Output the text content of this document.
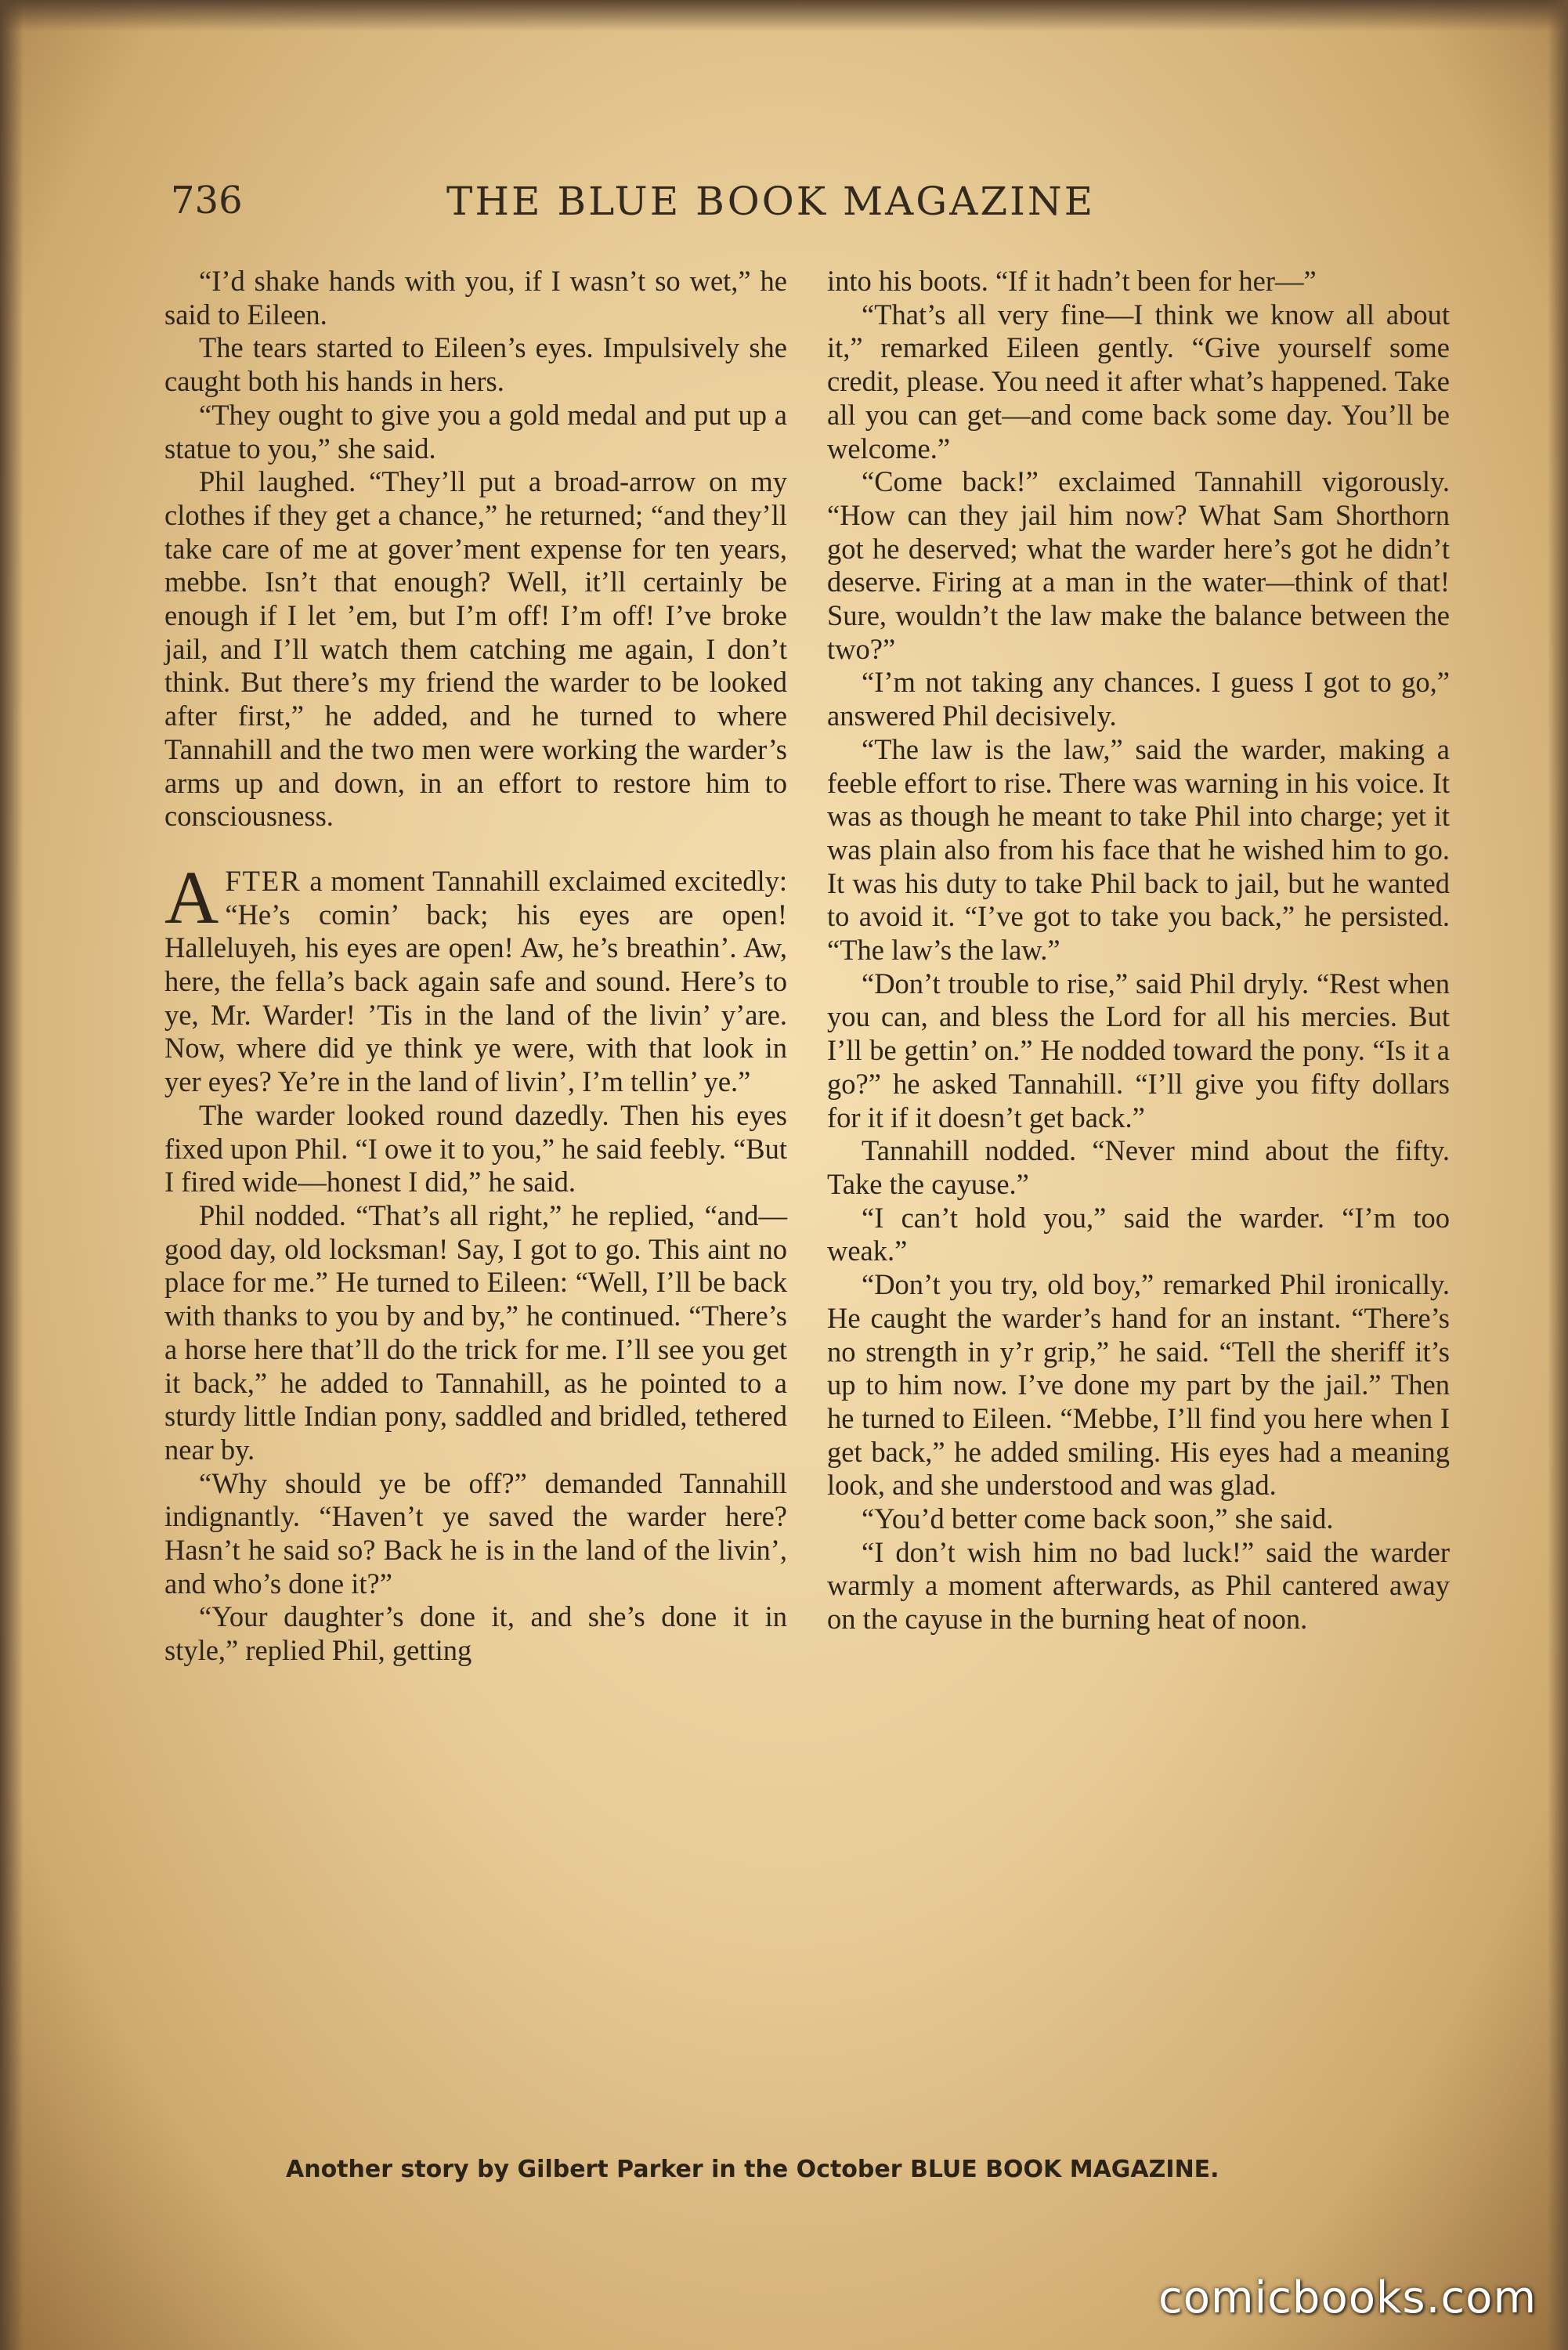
736	THE BLUE BOOK MAGAZINE

“I’d shake hands with you, if I wasn’t so wet,” he said to Eileen.

The tears started to Eileen’s eyes. Impulsively she caught both his hands in hers.

“They ought to give you a gold medal and put up a statue to you,” she said.

Phil laughed. “They’ll put a broad-arrow on my clothes if they get a chance,” he returned; “and they’ll take care of me at gover’ment expense for ten years, mebbe. Isn’t that enough? Well, it’ll certainly be enough if I let ’em, but I’m off! I’m off! I’ve broke jail, and I’ll watch them catching me again, I don’t think. But there’s my friend the warder to be looked after first,” he added, and he turned to where Tannahill and the two men were working the warder’s arms up and down, in an effort to restore him to consciousness.

AFTER a moment Tannahill exclaimed excitedly: “He’s comin’ back; his eyes are open! Halleluyeh, his eyes are open! Aw, he’s breathin’. Aw, here, the fella’s back again safe and sound. Here’s to ye, Mr. Warder! ’Tis in the land of the livin’ y’are. Now, where did ye think ye were, with that look in yer eyes? Ye’re in the land of livin’, I’m tellin’ ye.”

The warder looked round dazedly. Then his eyes fixed upon Phil. “I owe it to you,” he said feebly. “But I fired wide—honest I did,” he said.

Phil nodded. “That’s all right,” he replied, “and—good day, old locksman! Say, I got to go. This aint no place for me.” He turned to Eileen: “Well, I’ll be back with thanks to you by and by,” he continued. “There’s a horse here that’ll do the trick for me. I’ll see you get it back,” he added to Tannahill, as he pointed to a sturdy little Indian pony, saddled and bridled, tethered near by.

“Why should ye be off?” demanded Tannahill indignantly. “Haven’t ye saved the warder here? Hasn’t he said so? Back he is in the land of the livin’, and who’s done it?”

“Your daughter’s done it, and she’s done it in style,” replied Phil, getting

into his boots. “If it hadn’t been for her—”

“That’s all very fine—I think we know all about it,” remarked Eileen gently. “Give yourself some credit, please. You need it after what’s happened. Take all you can get—and come back some day. You’ll be welcome.”

“Come back!” exclaimed Tannahill vigorously. “How can they jail him now? What Sam Shorthorn got he deserved; what the warder here’s got he didn’t deserve. Firing at a man in the water—think of that! Sure, wouldn’t the law make the balance between the two?”

“I’m not taking any chances. I guess I got to go,” answered Phil decisively.

“The law is the law,” said the warder, making a feeble effort to rise. There was warning in his voice. It was as though he meant to take Phil into charge; yet it was plain also from his face that he wished him to go. It was his duty to take Phil back to jail, but he wanted to avoid it. “I’ve got to take you back,” he persisted. “The law’s the law.”

“Don’t trouble to rise,” said Phil dryly. “Rest when you can, and bless the Lord for all his mercies. But I’ll be gettin’ on.” He nodded toward the pony. “Is it a go?” he asked Tannahill. “I’ll give you fifty dollars for it if it doesn’t get back.”

Tannahill nodded. “Never mind about the fifty. Take the cayuse.”

“I can’t hold you,” said the warder. “I’m too weak.”

“Don’t you try, old boy,” remarked Phil ironically. He caught the warder’s hand for an instant. “There’s no strength in y’r grip,” he said. “Tell the sheriff it’s up to him now. I’ve done my part by the jail.” Then he turned to Eileen. “Mebbe, I’ll find you here when I get back,” he added smiling. His eyes had a meaning look, and she understood and was glad.

“You’d better come back soon,” she said.

“I don’t wish him no bad luck!” said the warder warmly a moment afterwards, as Phil cantered away on the cayuse in the burning heat of noon.

Another story by Gilbert Parker in the October BLUE BOOK MAGAZINE.
comicbooks.com
